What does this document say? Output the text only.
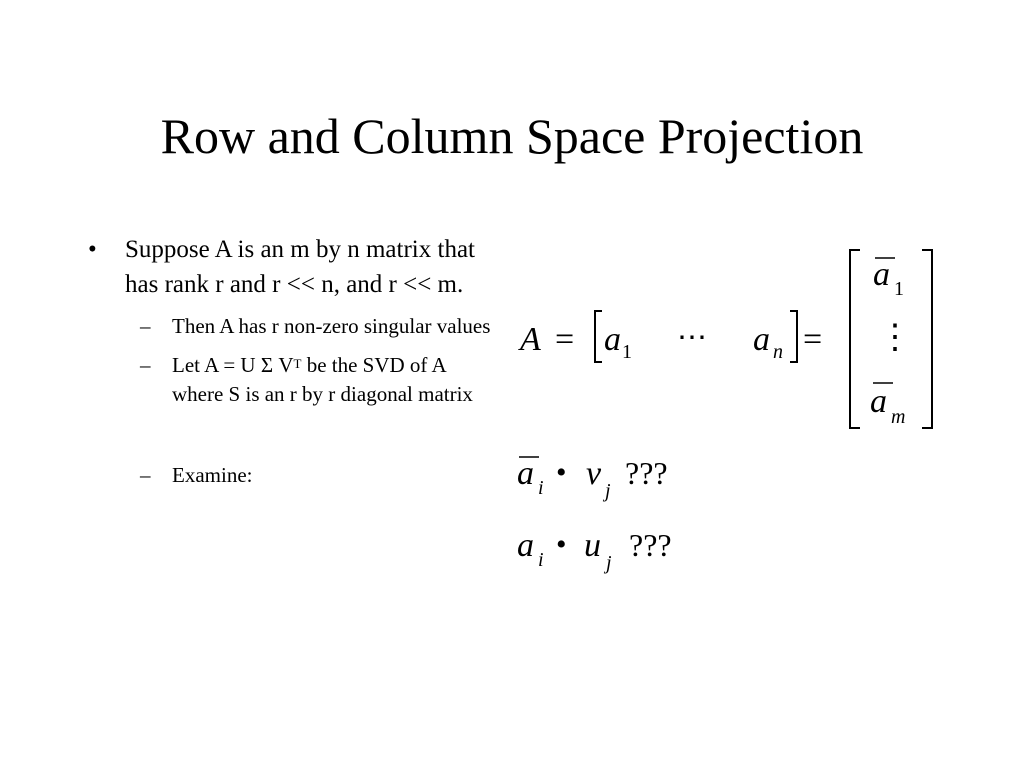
Row and Column Space Projection
• Suppose A is an m by n matrix that has rank r and r << n, and r << m.
– Then A has r non-zero singular values
– Let A = U Σ $V^T$ be the SVD of A where S is an r by r diagonal matrix
– Examine:
A = a 1 ⋯ a n =
a 1
⋮
a m
a i • v j ???
a i • u j ???
